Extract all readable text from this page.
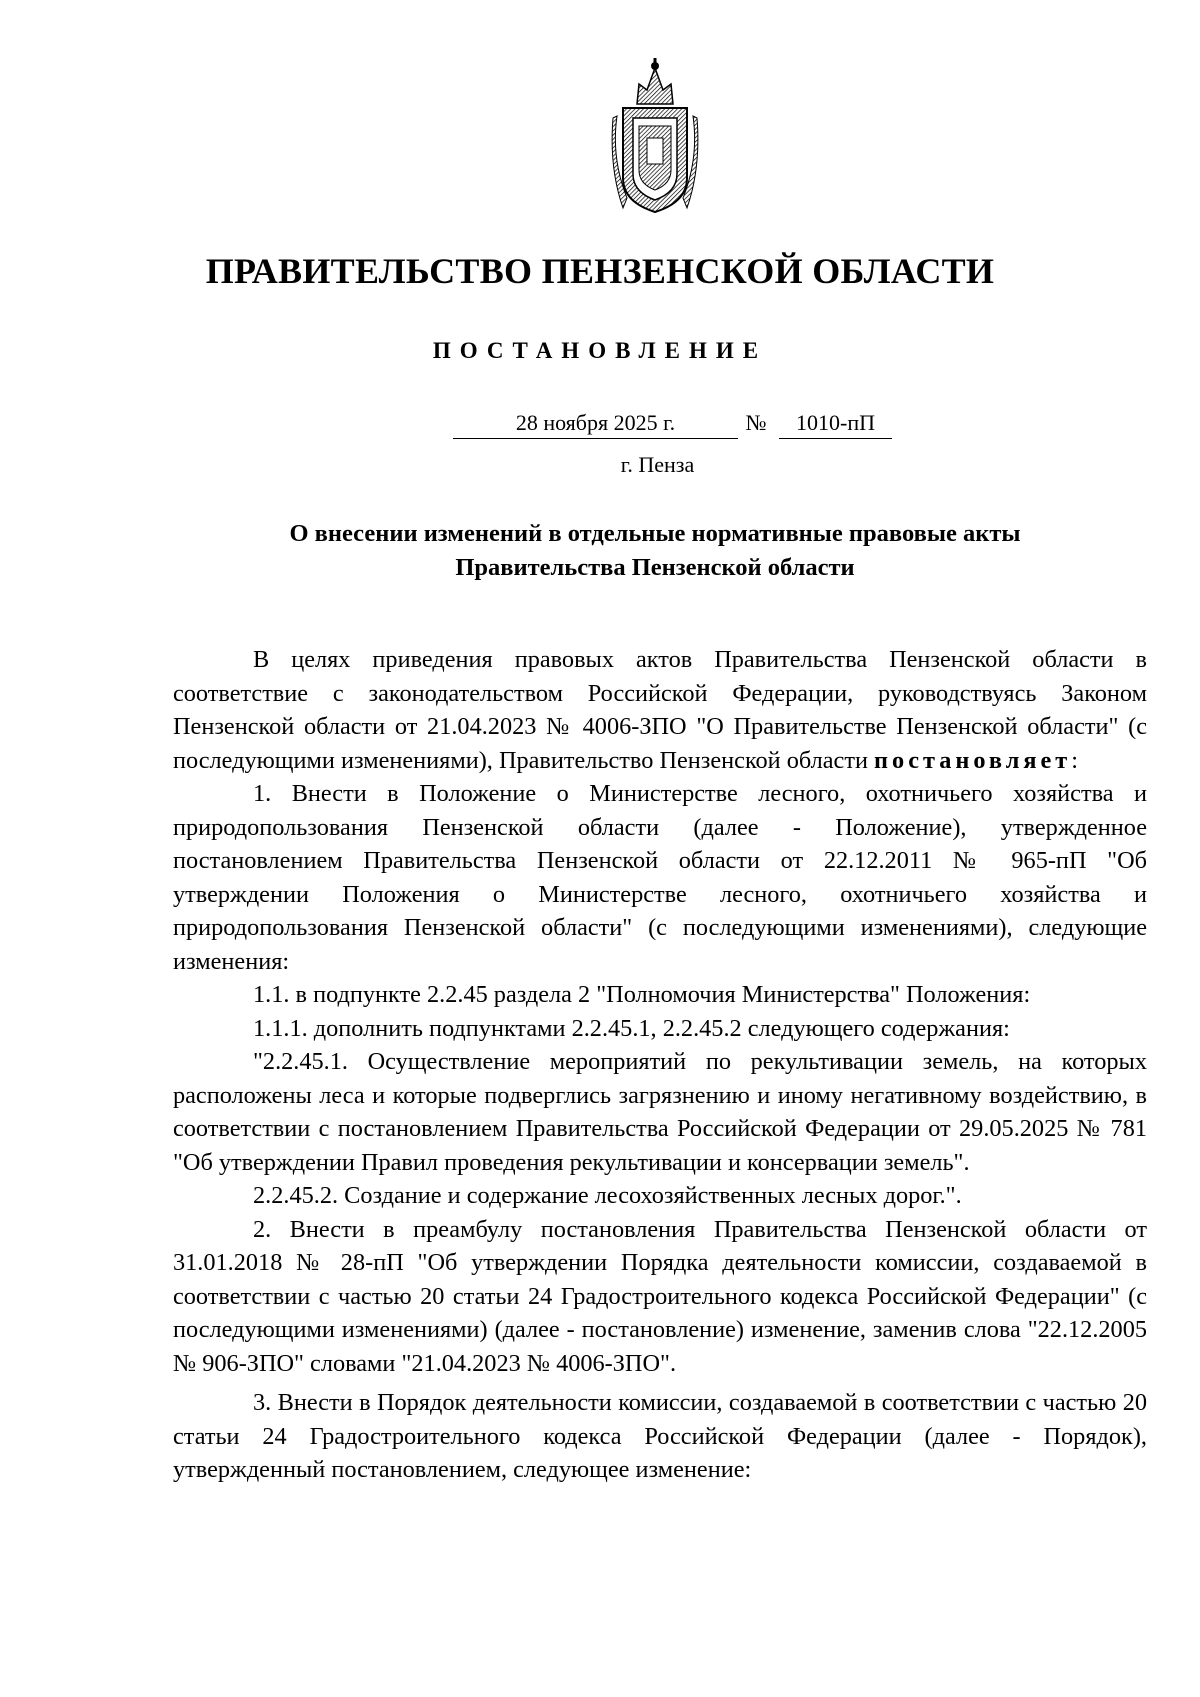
ПРАВИТЕЛЬСТВО ПЕНЗЕНСКОЙ ОБЛАСТИ
ПОСТАНОВЛЕНИЕ
28 ноября 2025 г.	№	1010-пП
г. Пенза
О внесении изменений в отдельные нормативные правовые акты
Правительства Пензенской области

В целях приведения правовых актов Правительства Пензенской области в соответствие с законодательством Российской Федерации, руководствуясь Законом Пензенской области от 21.04.2023 № 4006-ЗПО "О Правительстве Пензенской области" (с последующими изменениями), Правительство Пензенской области постановляет:

1. Внести в Положение о Министерстве лесного, охотничьего хозяйства и природопользования Пензенской области (далее - Положение), утвержденное постановлением Правительства Пензенской области от 22.12.2011 № 965-пП "Об утверждении Положения о Министерстве лесного, охотничьего хозяйства и природопользования Пензенской области" (с последующими изменениями), следующие изменения:

1.1. в подпункте 2.2.45 раздела 2 "Полномочия Министерства" Положения:

1.1.1. дополнить подпунктами 2.2.45.1, 2.2.45.2 следующего содержания:

"2.2.45.1. Осуществление мероприятий по рекультивации земель, на которых расположены леса и которые подверглись загрязнению и иному негативному воздействию, в соответствии с постановлением Правительства Российской Федерации от 29.05.2025 № 781 "Об утверждении Правил проведения рекультивации и консервации земель".

2.2.45.2. Создание и содержание лесохозяйственных лесных дорог.".

2. Внести в преамбулу постановления Правительства Пензенской области от 31.01.2018 № 28-пП "Об утверждении Порядка деятельности комиссии, создаваемой в соответствии с частью 20 статьи 24 Градостроительного кодекса Российской Федерации" (с последующими изменениями) (далее - постановление) изменение, заменив слова "22.12.2005 № 906-ЗПО" словами "21.04.2023 № 4006-ЗПО".

3. Внести в Порядок деятельности комиссии, создаваемой в соответствии с частью 20 статьи 24 Градостроительного кодекса Российской Федерации (далее - Порядок), утвержденный постановлением, следующее изменение:
